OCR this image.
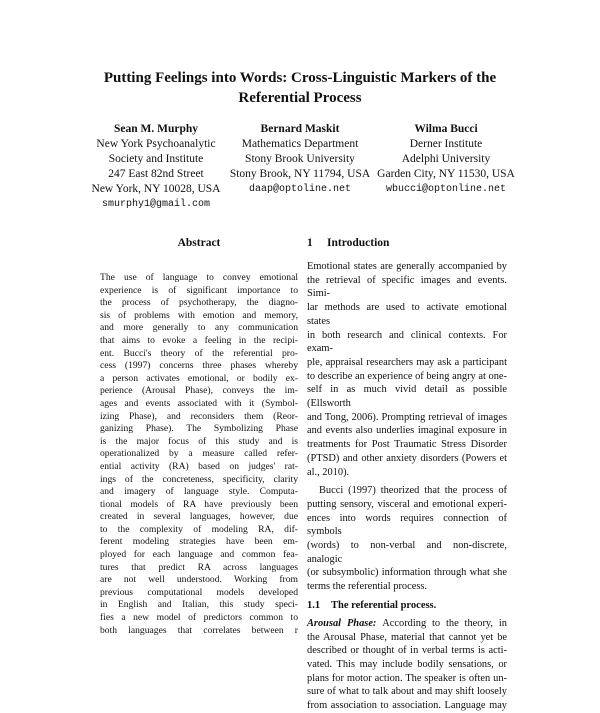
Putting Feelings into Words: Cross-Linguistic Markers of the
Referential Process
Sean M. Murphy
New York Psychoanalytic
Society and Institute
247 East 82nd Street
New York, NY 10028, USA
smurphy1@gmail.com
Bernard Maskit
Mathematics Department
Stony Brook University
Stony Brook, NY 11794, USA
daap@optoline.net
Wilma Bucci
Derner Institute
Adelphi University
Garden City, NY 11530, USA
wbucci@optonline.net
Abstract
The use of language to convey emotional
experience is of significant importance to
the process of psychotherapy, the diagno-
sis of problems with emotion and memory,
and more generally to any communication
that aims to evoke a feeling in the recipi-
ent. Bucci's theory of the referential pro-
cess (1997) concerns three phases whereby
a person activates emotional, or bodily ex-
perience (Arousal Phase), conveys the im-
ages and events associated with it (Symbol-
izing Phase), and reconsiders them (Reor-
ganizing Phase). The Symbolizing Phase
is the major focus of this study and is
operationalized by a measure called refer-
ential activity (RA) based on judges' rat-
ings of the concreteness, specificity, clarity
and imagery of language style. Computa-
tional models of RA have previously been
created in several languages, however, due
to the complexity of modeling RA, dif-
ferent modeling strategies have been em-
ployed for each language and common fea-
tures that predict RA across languages
are not well understood. Working from
previous computational models developed
in English and Italian, this study speci-
fies a new model of predictors common to
both languages that correlates between r
1 Introduction
Emotional states are generally accompanied by
the retrieval of specific images and events. Simi-
lar methods are used to activate emotional states
in both research and clinical contexts. For exam-
ple, appraisal researchers may ask a participant
to describe an experience of being angry at one-
self in as much vivid detail as possible (Ellsworth
and Tong, 2006). Prompting retrieval of images
and events also underlies imaginal exposure in
treatments for Post Traumatic Stress Disorder
(PTSD) and other anxiety disorders (Powers et
al., 2010).
Bucci (1997) theorized that the process of
putting sensory, visceral and emotional experi-
ences into words requires connection of symbols
(words) to non-verbal and non-discrete, analogic
(or subsymbolic) information through what she
terms the referential process.
1.1 The referential process.
Arousal Phase: According to the theory, in
the Arousal Phase, material that cannot yet be
described or thought of in verbal terms is acti-
vated. This may include bodily sensations, or
plans for motor action. The speaker is often un-
sure of what to talk about and may shift loosely
from association to association. Language may
